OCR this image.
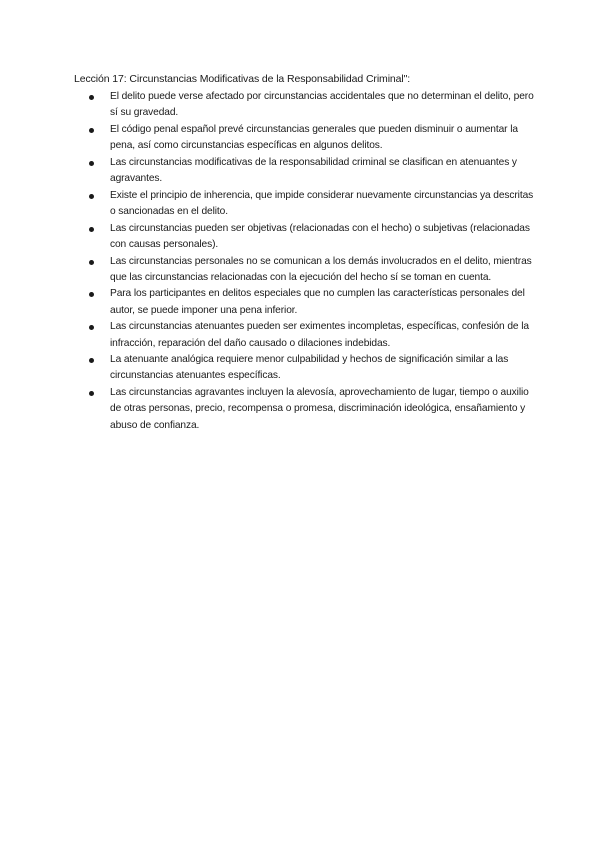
Lección 17: Circunstancias Modificativas de la Responsabilidad Criminal":
El delito puede verse afectado por circunstancias accidentales que no determinan el delito, pero sí su gravedad.
El código penal español prevé circunstancias generales que pueden disminuir o aumentar la pena, así como circunstancias específicas en algunos delitos.
Las circunstancias modificativas de la responsabilidad criminal se clasifican en atenuantes y agravantes.
Existe el principio de inherencia, que impide considerar nuevamente circunstancias ya descritas o sancionadas en el delito.
Las circunstancias pueden ser objetivas (relacionadas con el hecho) o subjetivas (relacionadas con causas personales).
Las circunstancias personales no se comunican a los demás involucrados en el delito, mientras que las circunstancias relacionadas con la ejecución del hecho sí se toman en cuenta.
Para los participantes en delitos especiales que no cumplen las características personales del autor, se puede imponer una pena inferior.
Las circunstancias atenuantes pueden ser eximentes incompletas, específicas, confesión de la infracción, reparación del daño causado o dilaciones indebidas.
La atenuante analógica requiere menor culpabilidad y hechos de significación similar a las circunstancias atenuantes específicas.
Las circunstancias agravantes incluyen la alevosía, aprovechamiento de lugar, tiempo o auxilio de otras personas, precio, recompensa o promesa, discriminación ideológica, ensañamiento y abuso de confianza.
